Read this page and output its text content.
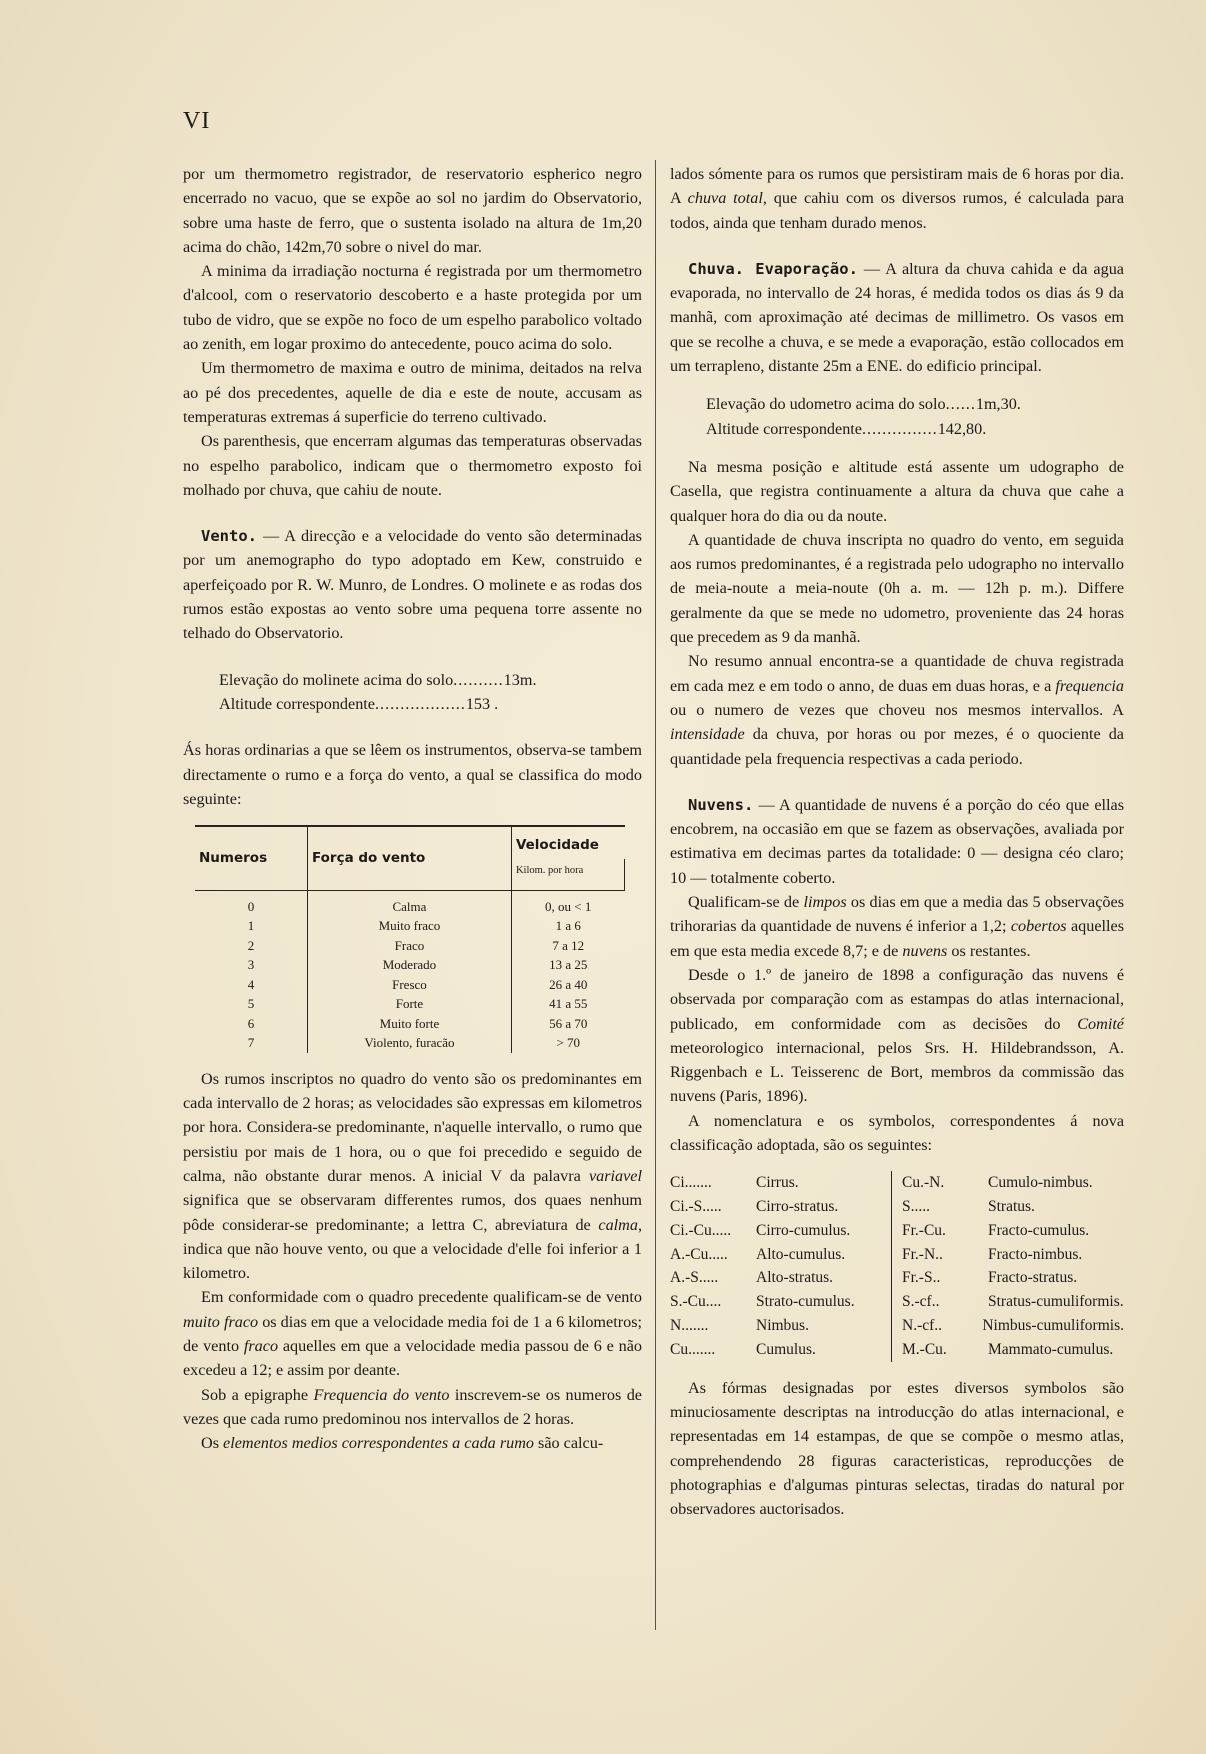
VI

por um thermometro registrador, de reservatorio espherico negro encerrado no vacuo, que se expõe ao sol no jardim do Observatorio, sobre uma haste de ferro, que o sustenta isolado na altura de 1m,20 acima do chão, 142m,70 sobre o nivel do mar.

A minima da irradiação nocturna é registrada por um thermometro d'alcool, com o reservatorio descoberto e a haste protegida por um tubo de vidro, que se expõe no foco de um espelho parabolico voltado ao zenith, em logar proximo do antecedente, pouco acima do solo.

Um thermometro de maxima e outro de minima, deitados na relva ao pé dos precedentes, aquelle de dia e este de noute, accusam as temperaturas extremas á superficie do terreno cultivado.

Os parenthesis, que encerram algumas das temperaturas observadas no espelho parabolico, indicam que o thermometro exposto foi molhado por chuva, que cahiu de noute.

Vento. — A direcção e a velocidade do vento são determinadas por um anemographo do typo adoptado em Kew, construido e aperfeiçoado por R. W. Munro, de Londres. O molinete e as rodas dos rumos estão expostas ao vento sobre uma pequena torre assente no telhado do Observatorio.

Elevação do molinete acima do solo .......... 13m.
Altitude correspondente .................. 153 .

Ás horas ordinarias a que se lêem os instrumentos, observa-se tambem directamente o rumo e a força do vento, a qual se classifica do modo seguinte:

Numeros	Força do vento	Velocidade
		Kilom. por hora
0	Calma	0, ou < 1
1	Muito fraco	1 a 6
2	Fraco	7 a 12
3	Moderado	13 a 25
4	Fresco	26 a 40
5	Forte	41 a 55
6	Muito forte	56 a 70
7	Violento, furacão	> 70

Os rumos inscriptos no quadro do vento são os predominantes em cada intervallo de 2 horas; as velocidades são expressas em kilometros por hora. Considera-se predominante, n'aquelle intervallo, o rumo que persistiu por mais de 1 hora, ou o que foi precedido e seguido de calma, não obstante durar menos. A inicial V da palavra variavel significa que se observaram differentes rumos, dos quaes nenhum pôde considerar-se predominante; a lettra C, abreviatura de calma, indica que não houve vento, ou que a velocidade d'elle foi inferior a 1 kilometro.

Em conformidade com o quadro precedente qualificam-se de vento muito fraco os dias em que a velocidade media foi de 1 a 6 kilometros; de vento fraco aquelles em que a velocidade media passou de 6 e não excedeu a 12; e assim por deante.

Sob a epigraphe Frequencia do vento inscrevem-se os numeros de vezes que cada rumo predominou nos intervallos de 2 horas.

Os elementos medios correspondentes a cada rumo são calcu-

lados sómente para os rumos que persistiram mais de 6 horas por dia. A chuva total, que cahiu com os diversos rumos, é calculada para todos, ainda que tenham durado menos.

Chuva. Evaporação. — A altura da chuva cahida e da agua evaporada, no intervallo de 24 horas, é medida todos os dias ás 9 da manhã, com aproximação até decimas de millimetro. Os vasos em que se recolhe a chuva, e se mede a evaporação, estão collocados em um terrapleno, distante 25m a ENE. do edificio principal.

Elevação do udometro acima do solo ...... 1m,30.
Altitude correspondente ............... 142,80.

Na mesma posição e altitude está assente um udographo de Casella, que registra continuamente a altura da chuva que cahe a qualquer hora do dia ou da noute.

A quantidade de chuva inscripta no quadro do vento, em seguida aos rumos predominantes, é a registrada pelo udographo no intervallo de meia-noute a meia-noute (0h a. m. — 12h p. m.). Differe geralmente da que se mede no udometro, proveniente das 24 horas que precedem as 9 da manhã.

No resumo annual encontra-se a quantidade de chuva registrada em cada mez e em todo o anno, de duas em duas horas, e a frequencia ou o numero de vezes que choveu nos mesmos intervallos. A intensidade da chuva, por horas ou por mezes, é o quociente da quantidade pela frequencia respectivas a cada periodo.

Nuvens. — A quantidade de nuvens é a porção do céo que ellas encobrem, na occasião em que se fazem as observações, avaliada por estimativa em decimas partes da totalidade: 0 — designa céo claro; 10 — totalmente coberto.

Qualificam-se de limpos os dias em que a media das 5 observações trihorarias da quantidade de nuvens é inferior a 1,2; cobertos aquelles em que esta media excede 8,7; e de nuvens os restantes.

Desde o 1.º de janeiro de 1898 a configuração das nuvens é observada por comparação com as estampas do atlas internacional, publicado, em conformidade com as decisões do Comité meteorologico internacional, pelos Srs. H. Hildebrandsson, A. Riggenbach e L. Teisserenc de Bort, membros da commissão das nuvens (Paris, 1896).

A nomenclatura e os symbolos, correspondentes á nova classificação adoptada, são os seguintes:

Ci.......	Cirrus.
Ci.-S.....	Cirro-stratus.
Ci.-Cu.....	Cirro-cumulus.
A.-Cu.....	Alto-cumulus.
A.-S.....	Alto-stratus.
S.-Cu....	Strato-cumulus.
N.......	Nimbus.
Cu.......	Cumulus.
Cu.-N.	Cumulo-nimbus.
S.....	Stratus.
Fr.-Cu.	Fracto-cumulus.
Fr.-N..	Fracto-nimbus.
Fr.-S..	Fracto-stratus.
S.-cf..	Stratus-cumuliformis.
N.-cf..	Nimbus-cumuliformis.
M.-Cu.	Mammato-cumulus.

As fórmas designadas por estes diversos symbolos são minuciosamente descriptas na introducção do atlas internacional, e representadas em 14 estampas, de que se compõe o mesmo atlas, comprehendendo 28 figuras caracteristicas, reproducções de photographias e d'algumas pinturas selectas, tiradas do natural por observadores auctorisados.
